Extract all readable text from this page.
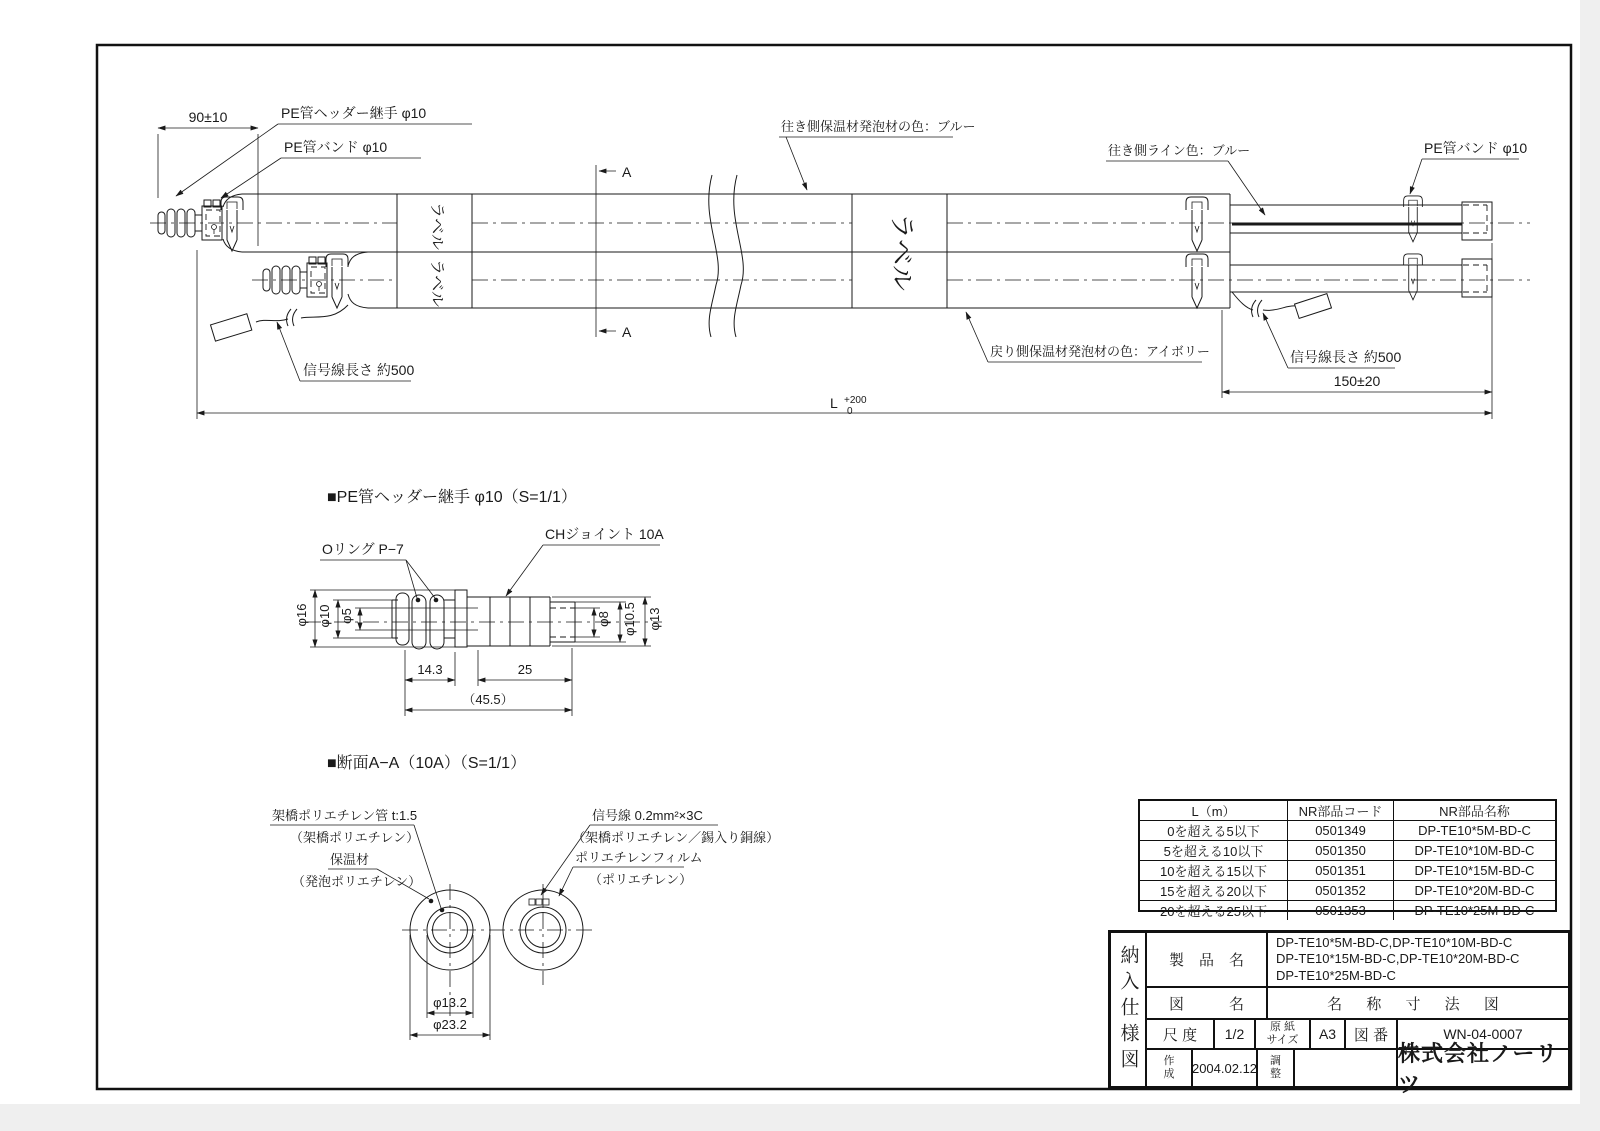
ラベル
ラベル	ラベル
90±10	PE管ヘッダー継手 φ10
PE管バンド φ10
A
A
往き側保温材発泡材の色：ブルー
往き側ライン色：ブルー	PE管バンド φ10
戻り側保温材発泡材の色：アイボリー
信号線長さ 約500
信号線長さ 約500
150±20
L +200
0
■PE管ヘッダー継手 φ10（S=1/1）
φ16 φ10 φ5	φ8 φ10.5 φ13
14.3	25
（45.5）
Oリング P−7
CHジョイント 10A
■断面A−A（10A）（S=1/1）
架橋ポリエチレン管 t:1.5
（架橋ポリエチレン）
保温材
（発泡ポリエチレン）
信号線 0.2mm²×3C
（架橋ポリエチレン／錫入り銅線）
ポリエチレンフィルム
（ポリエチレン）
φ13.2
φ23.2
L（m）	NR部品コード	NR部品名称
0を超える5以下	0501349	DP-TE10*5M-BD-C
5を超える10以下	0501350	DP-TE10*10M-BD-C
10を超える15以下	0501351	DP-TE10*15M-BD-C
15を超える20以下	0501352	DP-TE10*20M-BD-C
20を超える25以下	0501353	DP-TE10*25M-BD-C
納入仕様図	製　品　名
DP-TE10*5M-BD-C,DP-TE10*10M-BD-C
DP-TE10*15M-BD-C,DP-TE10*20M-BD-C
DP-TE10*25M-BD-C
図　　　名	名 称 寸 法 図
尺 度	1/2	原 紙
サイズ	A3	図 番	WN-04-0007
作成 2004.02.12 調整
株式会社ノーリツ
